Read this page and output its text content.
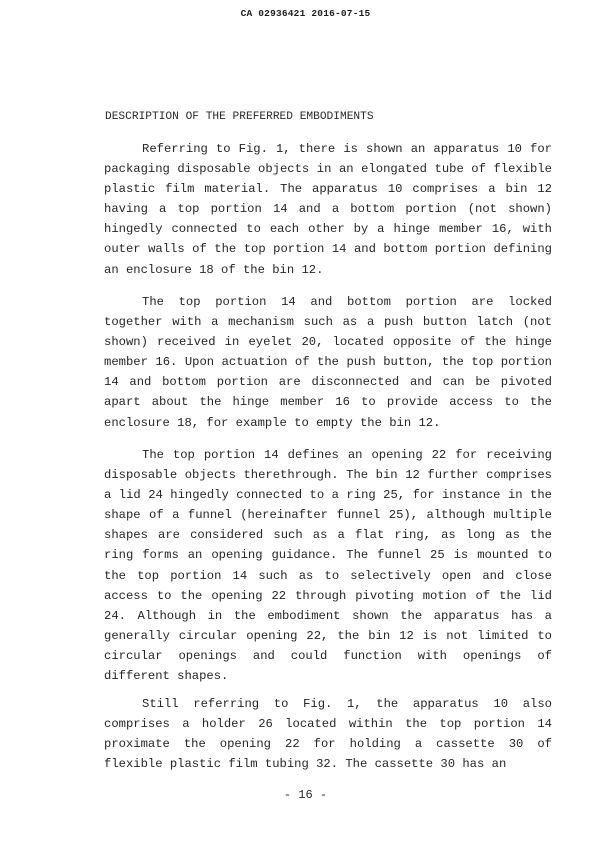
CA 02936421 2016-07-15
DESCRIPTION OF THE PREFERRED EMBODIMENTS

Referring to Fig. 1, there is shown an apparatus 10 for packaging disposable objects in an elongated tube of flexible plastic film material. The apparatus 10 comprises a bin 12 having a top portion 14 and a bottom portion (not shown) hingedly connected to each other by a hinge member 16, with outer walls of the top portion 14 and bottom portion defining an enclosure 18 of the bin 12.

The top portion 14 and bottom portion are locked together with a mechanism such as a push button latch (not shown) received in eyelet 20, located opposite of the hinge member 16. Upon actuation of the push button, the top portion 14 and bottom portion are disconnected and can be pivoted apart about the hinge member 16 to provide access to the enclosure 18, for example to empty the bin 12.

The top portion 14 defines an opening 22 for receiving disposable objects therethrough. The bin 12 further comprises a lid 24 hingedly connected to a ring 25, for instance in the shape of a funnel (hereinafter funnel 25), although multiple shapes are considered such as a flat ring, as long as the ring forms an opening guidance. The funnel 25 is mounted to the top portion 14 such as to selectively open and close access to the opening 22 through pivoting motion of the lid 24. Although in the embodiment shown the apparatus has a generally circular opening 22, the bin 12 is not limited to circular openings and could function with openings of different shapes.

Still referring to Fig. 1, the apparatus 10 also comprises a holder 26 located within the top portion 14 proximate the opening 22 for holding a cassette 30 of flexible plastic film tubing 32. The cassette 30 has an

- 16 -
